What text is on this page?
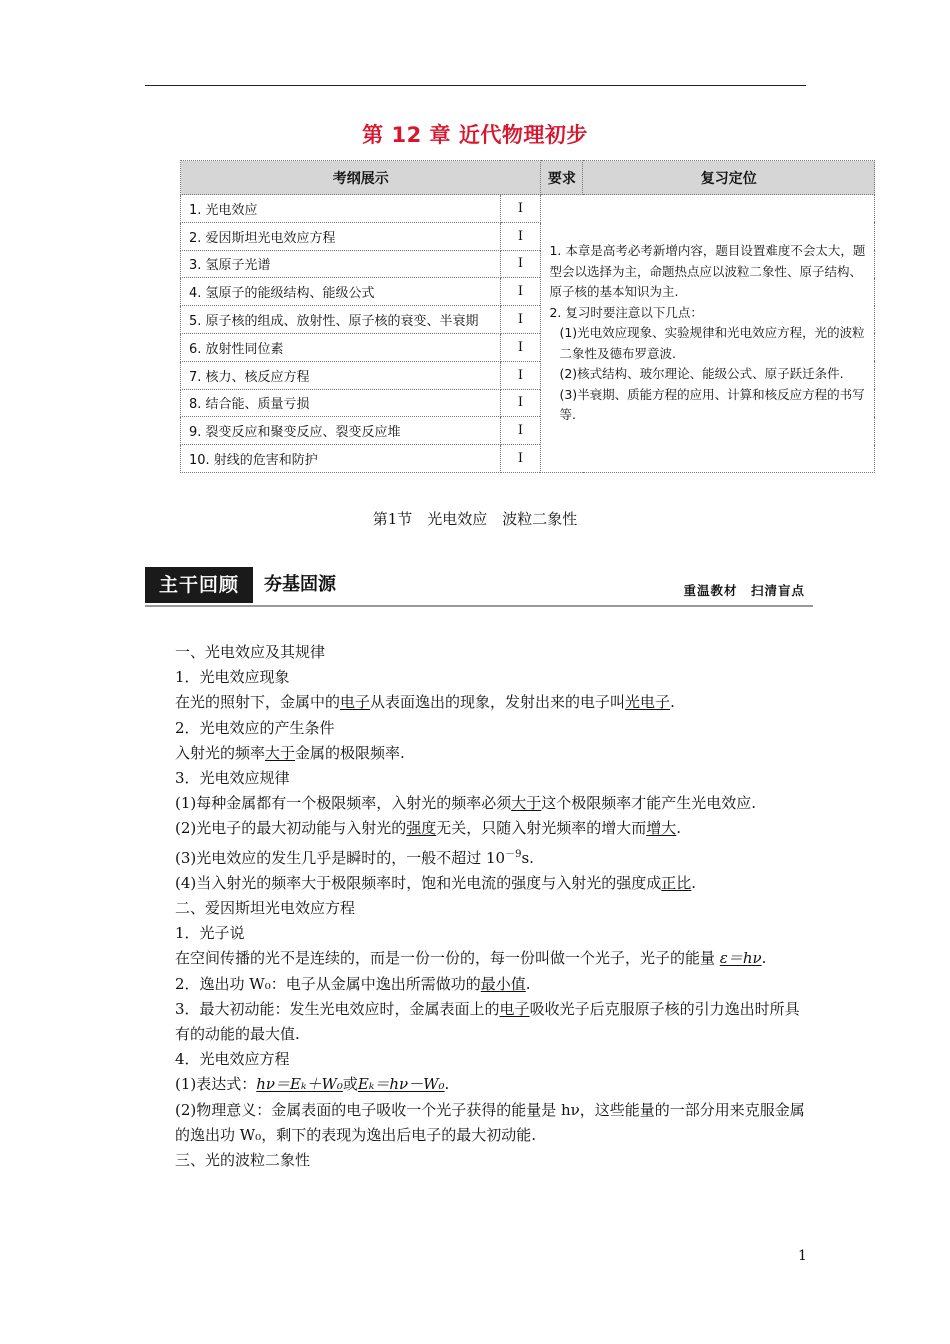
第 12 章 近代物理初步
考纲展示		要求	复习定位
1. 光电效应	Ⅰ	1. 本章是高考必考新增内容，题目设置难度不会太大，题型会以选择为主，命题热点应以波粒二象性、原子结构、原子核的基本知识为主.

2. 复习时要注意以下几点：

(1)光电效应现象、实验规律和光电效应方程，光的波粒二象性及德布罗意波.

(2)核式结构、玻尔理论、能级公式、原子跃迁条件.

(3)半衰期、质能方程的应用、计算和核反应方程的书写等.	

2. 爱因斯坦光电效应方程	Ⅰ		
3. 氢原子光谱	Ⅰ		
4. 氢原子的能级结构、能级公式	Ⅰ		
5. 原子核的组成、放射性、原子核的衰变、半衰期	Ⅰ		
6. 放射性同位素	Ⅰ		
7. 核力、核反应方程	Ⅰ		
8. 结合能、质量亏损	Ⅰ		
9. 裂变反应和聚变反应、裂变反应堆	Ⅰ		
10. 射线的危害和防护	Ⅰ		
第1节　光电效应　波粒二象性
主干回顾	夯基固源	重温教材　扫清盲点

一、光电效应及其规律

1．光电效应现象

在光的照射下，金属中的电子从表面逸出的现象，发射出来的电子叫光电子.

2．光电效应的产生条件

入射光的频率大于金属的极限频率.

3．光电效应规律

(1)每种金属都有一个极限频率，入射光的频率必须大于这个极限频率才能产生光电效应.

(2)光电子的最大初动能与入射光的强度无关，只随入射光频率的增大而增大.

(3)光电效应的发生几乎是瞬时的，一般不超过 $10^{-9}s$.

(4)当入射光的频率大于极限频率时，饱和光电流的强度与入射光的强度成正比.

二、爱因斯坦光电效应方程

1．光子说

在空间传播的光不是连续的，而是一份一份的，每一份叫做一个光子，光子的能量 ε＝hν.

2．逸出功 W₀：电子从金属中逸出所需做功的最小值.

3．最大初动能：发生光电效应时，金属表面上的电子吸收光子后克服原子核的引力逸出时所具有的动能的最大值.

4．光电效应方程

(1)表达式：hν＝Eₖ＋W₀或Eₖ＝hν－W₀.

(2)物理意义：金属表面的电子吸收一个光子获得的能量是 hν，这些能量的一部分用来克服金属的逸出功 W₀，剩下的表现为逸出后电子的最大初动能.

三、光的波粒二象性

1
